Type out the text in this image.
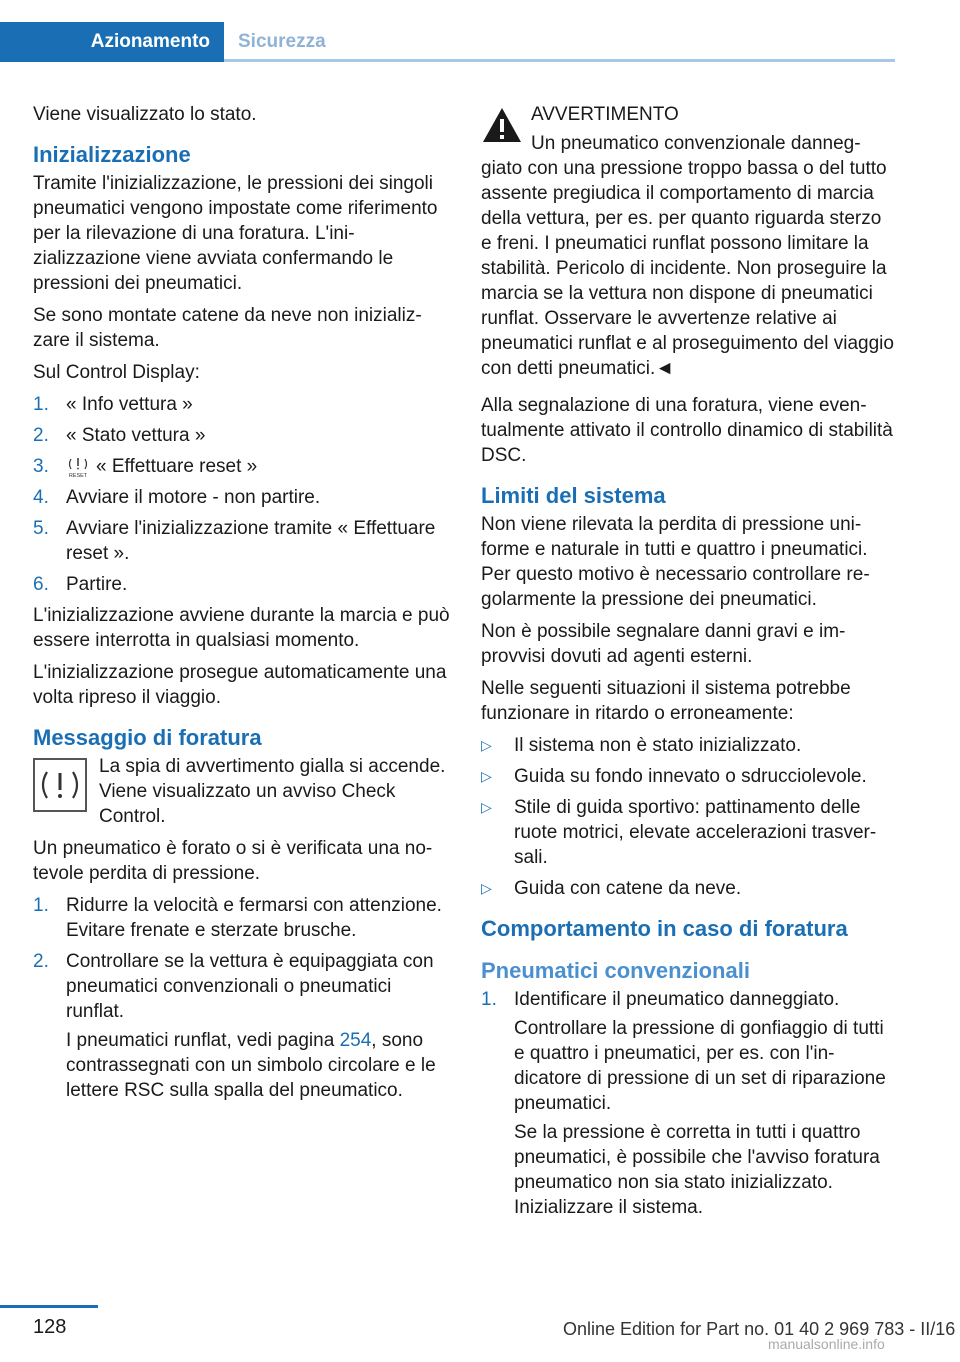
Azionamento	Sicurezza

Viene visualizzato lo stato.

Inizializzazione

Tramite l'inizializzazione, le pressioni dei singoli pneumatici vengono impostate come riferimento per la rilevazione di una foratura. L'inizializzazione viene avviata confermando le pressioni dei pneumatici.

Se sono montate catene da neve non inizializzare il sistema.

Sul Control Display:

1. « Info vettura »
2. « Stato vettura »
3.	RESET « Effettuare reset »
4. Avviare il motore - non partire.
5. Avviare l'inizializzazione tramite « Effettuare reset ».
6. Partire.

L'inizializzazione avviene durante la marcia e può essere interrotta in qualsiasi momento.

L'inizializzazione prosegue automaticamente una volta ripreso il viaggio.

Messaggio di foratura

La spia di avvertimento gialla si accende. Viene visualizzato un avviso Check Control.

Un pneumatico è forato o si è verificata una notevole perdita di pressione.

1. Ridurre la velocità e fermarsi con attenzione. Evitare frenate e sterzate brusche.
2. Controllare se la vettura è equipaggiata con pneumatici convenzionali o pneumatici runflat.

I pneumatici runflat, vedi pagina 254, sono contrassegnati con un simbolo circolare e le lettere RSC sulla spalla del pneumatico.

AVVERTIMENTO

Un pneumatico convenzionale danneggiato con una pressione troppo bassa o del tutto assente pregiudica il comportamento di marcia della vettura, per es. per quanto riguarda sterzo e freni. I pneumatici runflat possono limitare la stabilità. Pericolo di incidente. Non proseguire la marcia se la vettura non dispone di pneumatici runflat. Osservare le avvertenze relative ai pneumatici runflat e al proseguimento del viaggio con detti pneumatici.◄

Alla segnalazione di una foratura, viene eventualmente attivato il controllo dinamico di stabilità DSC.

Limiti del sistema

Non viene rilevata la perdita di pressione uniforme e naturale in tutti e quattro i pneumatici. Per questo motivo è necessario controllare regolarmente la pressione dei pneumatici.

Non è possibile segnalare danni gravi e improvvisi dovuti ad agenti esterni.

Nelle seguenti situazioni il sistema potrebbe funzionare in ritardo o erroneamente:

▷ Il sistema non è stato inizializzato.
▷ Guida su fondo innevato o sdrucciolevole.
▷ Stile di guida sportivo: pattinamento delle ruote motrici, elevate accelerazioni trasversali.
▷ Guida con catene da neve.
Comportamento in caso di foratura
Pneumatici convenzionali
1. Identificare il pneumatico danneggiato.

Controllare la pressione di gonfiaggio di tutti e quattro i pneumatici, per es. con l'indicatore di pressione di un set di riparazione pneumatici.

Se la pressione è corretta in tutti i quattro pneumatici, è possibile che l'avviso foratura pneumatico non sia stato inizializzato. Inizializzare il sistema.

128	Online Edition for Part no. 01 40 2 969 783 - II/16
manualsonline.info
